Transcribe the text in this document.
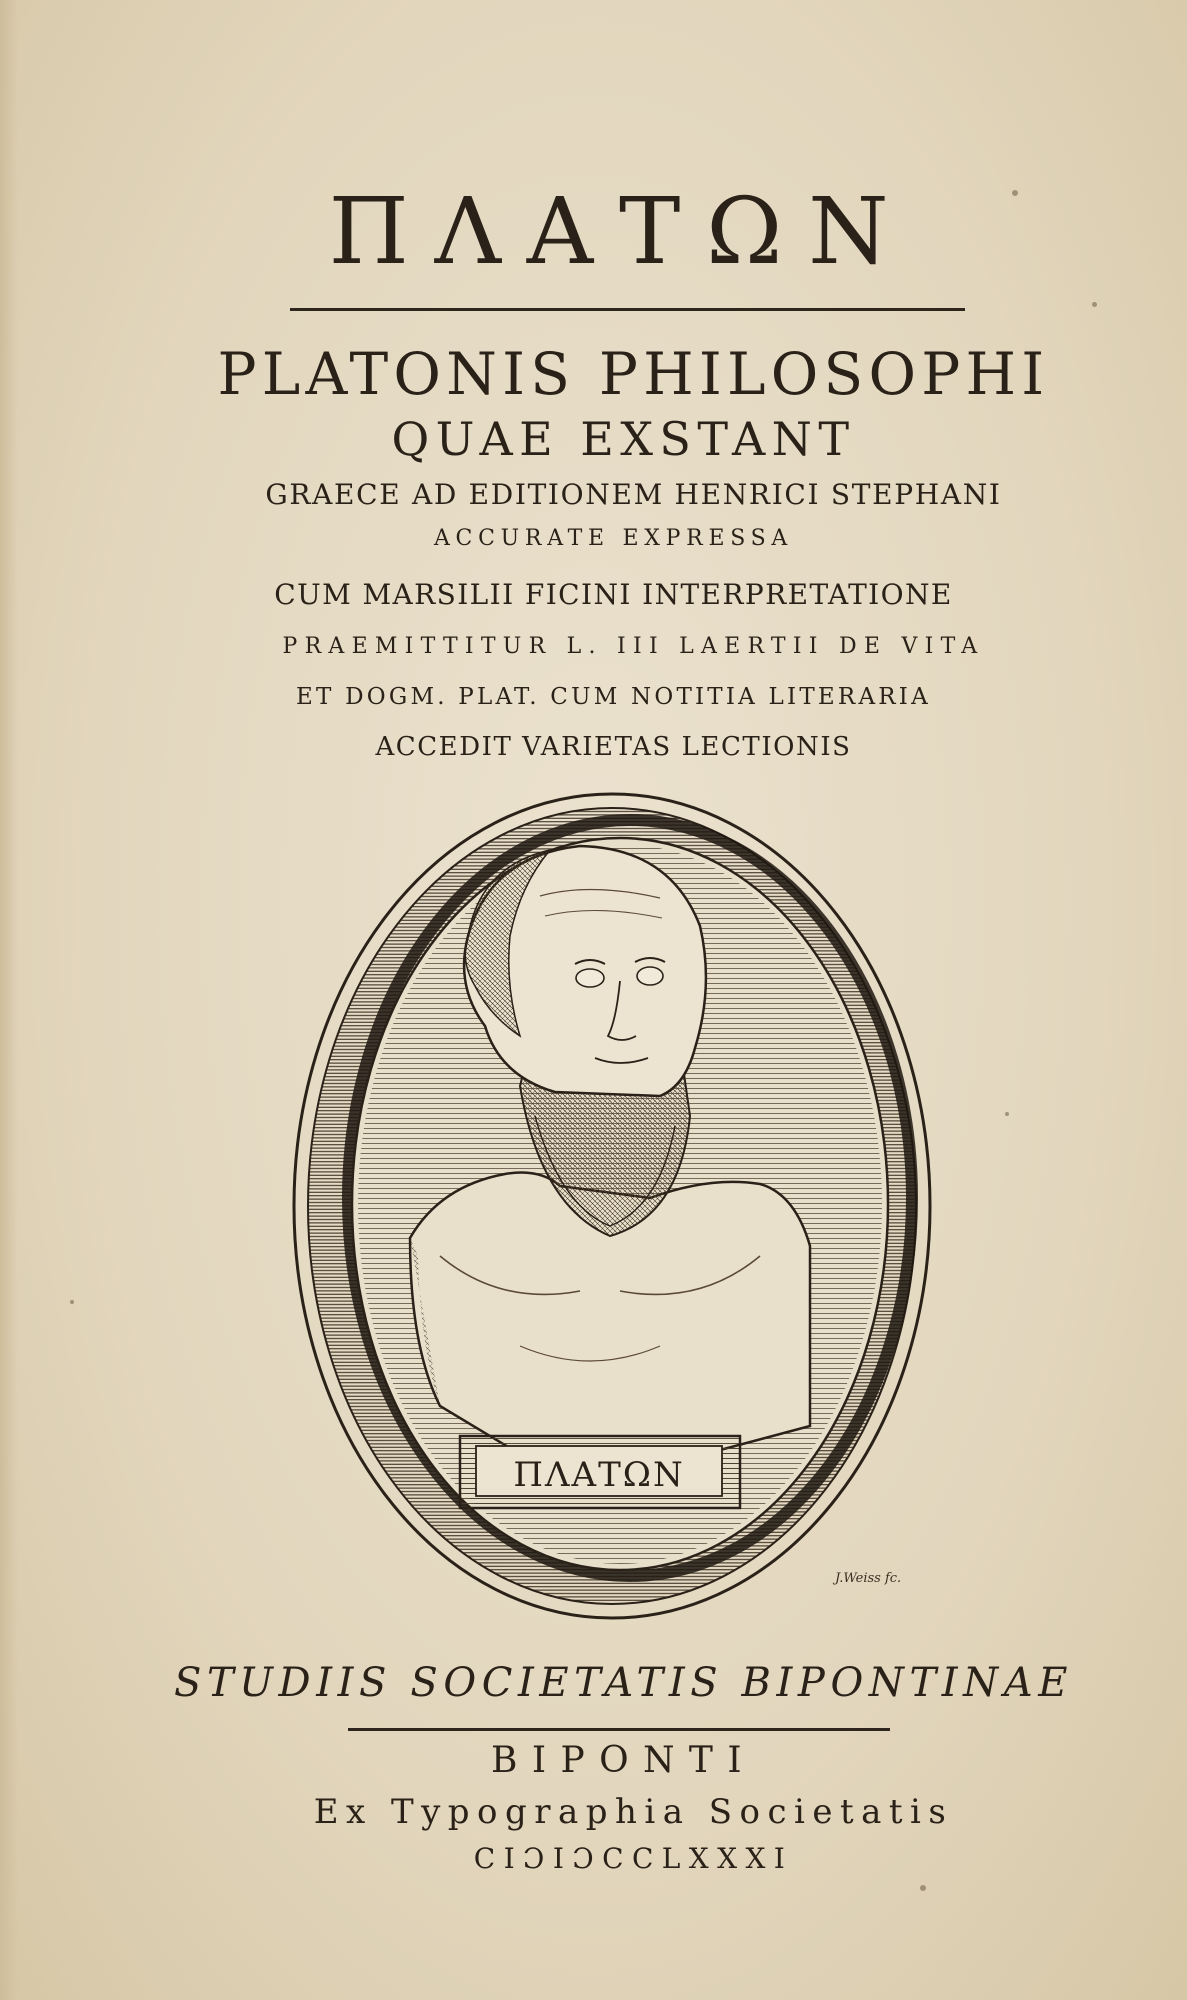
ΠΛΑΤΩΝ
PLATONIS PHILOSOPHI
QUAE EXSTANT
GRAECE AD EDITIONEM HENRICI STEPHANI
ACCURATE EXPRESSA
CUM MARSILII FICINI INTERPRETATIONE
PRAEMITTITUR L. III LAERTII DE VITA
ET DOGM. PLAT. CUM NOTITIA LITERARIA
ACCEDIT VARIETAS LECTIONIS
ΠΛΑΤΩΝ
J.Weiss fc.
STUDIIS SOCIETATIS BIPONTINAE
BIPONTI
Ex Typographia Societatis
CIƆIƆCCLXXXI
